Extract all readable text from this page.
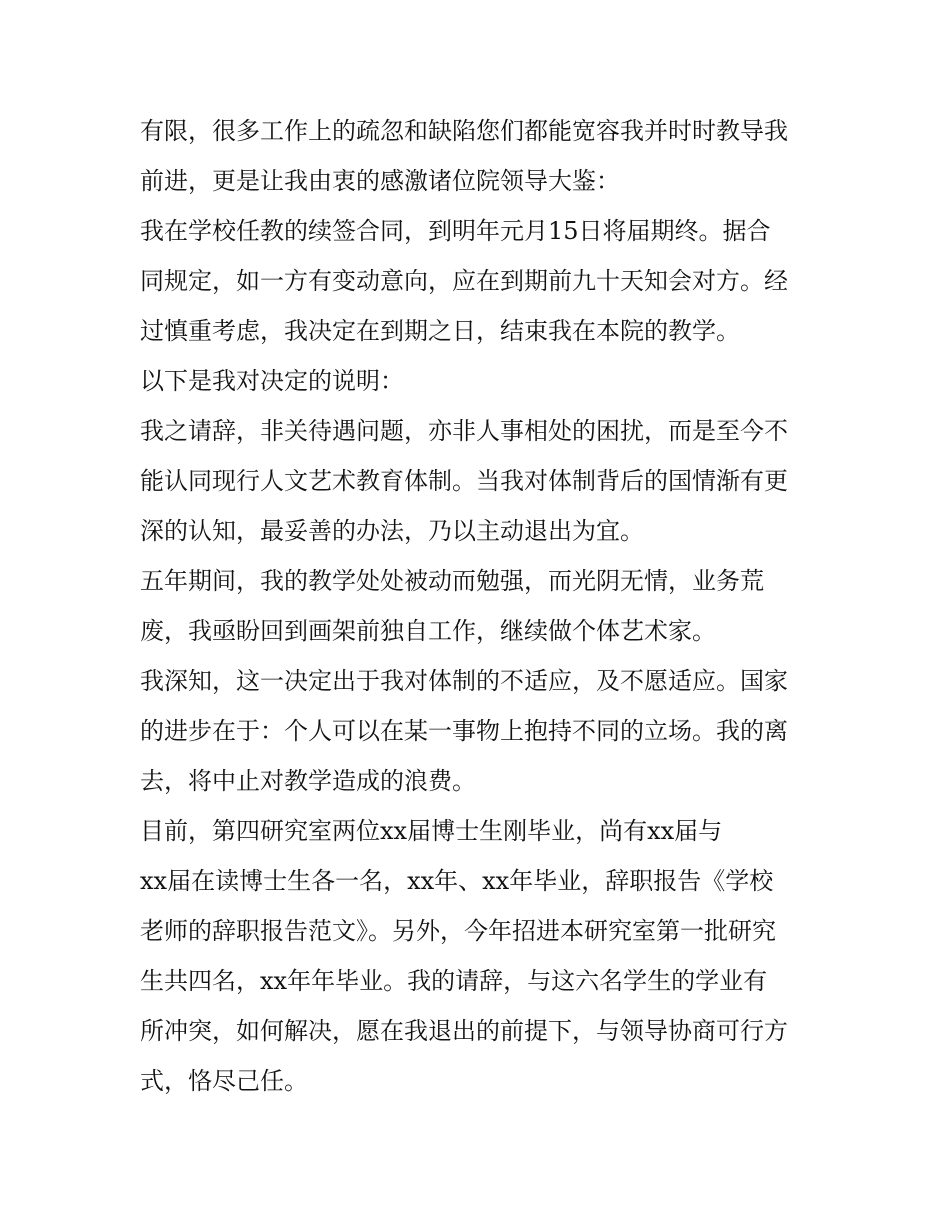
有限，很多工作上的疏忽和缺陷您们都能宽容我并时时教导我
前进，更是让我由衷的感激诸位院领导大鉴：
我在学校任教的续签合同，到明年元月15日将届期终。据合
同规定，如一方有变动意向，应在到期前九十天知会对方。经
过慎重考虑，我决定在到期之日，结束我在本院的教学。
以下是我对决定的说明：
我之请辞，非关待遇问题，亦非人事相处的困扰，而是至今不
能认同现行人文艺术教育体制。当我对体制背后的国情渐有更
深的认知，最妥善的办法，乃以主动退出为宜。
五年期间，我的教学处处被动而勉强，而光阴无情，业务荒
废，我亟盼回到画架前独自工作，继续做个体艺术家。
我深知，这一决定出于我对体制的不适应，及不愿适应。国家
的进步在于：个人可以在某一事物上抱持不同的立场。我的离
去，将中止对教学造成的浪费。
目前，第四研究室两位xx届博士生刚毕业，尚有xx届与
xx届在读博士生各一名，xx年、xx年毕业，辞职报告《学校
老师的辞职报告范文》。另外，今年招进本研究室第一批研究
生共四名，xx年年毕业。我的请辞，与这六名学生的学业有
所冲突，如何解决，愿在我退出的前提下，与领导协商可行方
式，恪尽己任。
